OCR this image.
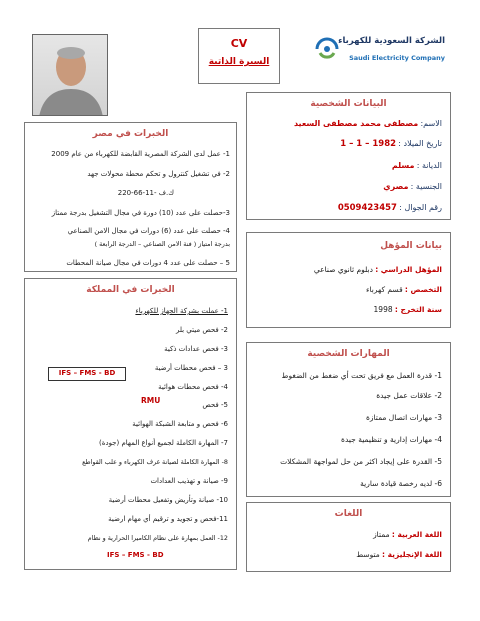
الشركة السعودية للكهرباء
Saudi Electricity Company
CV
السيرة الذاتية
البيانات الشخصية
الاسم: مصطفى محمد مصطفى السعيد
تاريخ الميلاد : 1 – 1 – 1982
الديانة : مسلم
الجنسية : مصري
رقم الجوال : 0509423457
بيانات المؤهل
المؤهل الدراسي : دبلوم ثانوي صناعي
التخصص : قسم كهرباء
سنة التخرج : 1998
المهارات الشخصية
1- قدرة العمل مع فريق تحت أي ضغط من الضغوط
2- علاقات عمل جيدة
3- مهارات اتصال ممتازة
4- مهارات إدارية و تنظيمية جيدة
5- القدرة على إيجاد اكثر من حل لمواجهة المشكلات
6- لديه رخصة قيادة سارية
اللغات
اللغة العربية : ممتاز
اللغة الإنجليزية : متوسط
الخبرات في مصر
1- عمل لدى الشركة المصرية القابضة للكهرباء من عام 2009
2- في تشغيل كنترول و تحكم محطة محولات جهد
220-66-11- ك.ف
3-حصلت على عدد (10) دورة في مجال التشغيل بدرجة ممتاز
4- حصلت على عدد (6) دورات في مجال الامن الصناعي
بدرجة امتياز ( فنة الامن الصناعي – الدرجة الرابعة )
5 – حصلت على عدد 4 دورات في مجال صيانة المحطات
الخبرات في المملكة
1- عملت بشركة الجهاز للكهرباء
2- فحص ميتي بلر
3- فحص عدادات ذكية
3 – فحص محطات أرضية
4- فحص محطات هوائية
5- فحص
6- فحص و متابعة الشبكة الهوائية
7- المهارة الكاملة لجميع أنواع المهام (جودة)
8- المهارة الكاملة لصيانة غرف الكهرباء و علب القواطع
9- صيانة و تهذيب العدادات
10- صيانة وتأريض وتفعيل محطات أرضية
11-فحص و تجويد و ترقيم أي مهام ارضية
12- العمل بمهارة على نظام الكاميرا الحرارية و نظام
RMU
IFS – FMS - BD
IFS – FMS - BD
